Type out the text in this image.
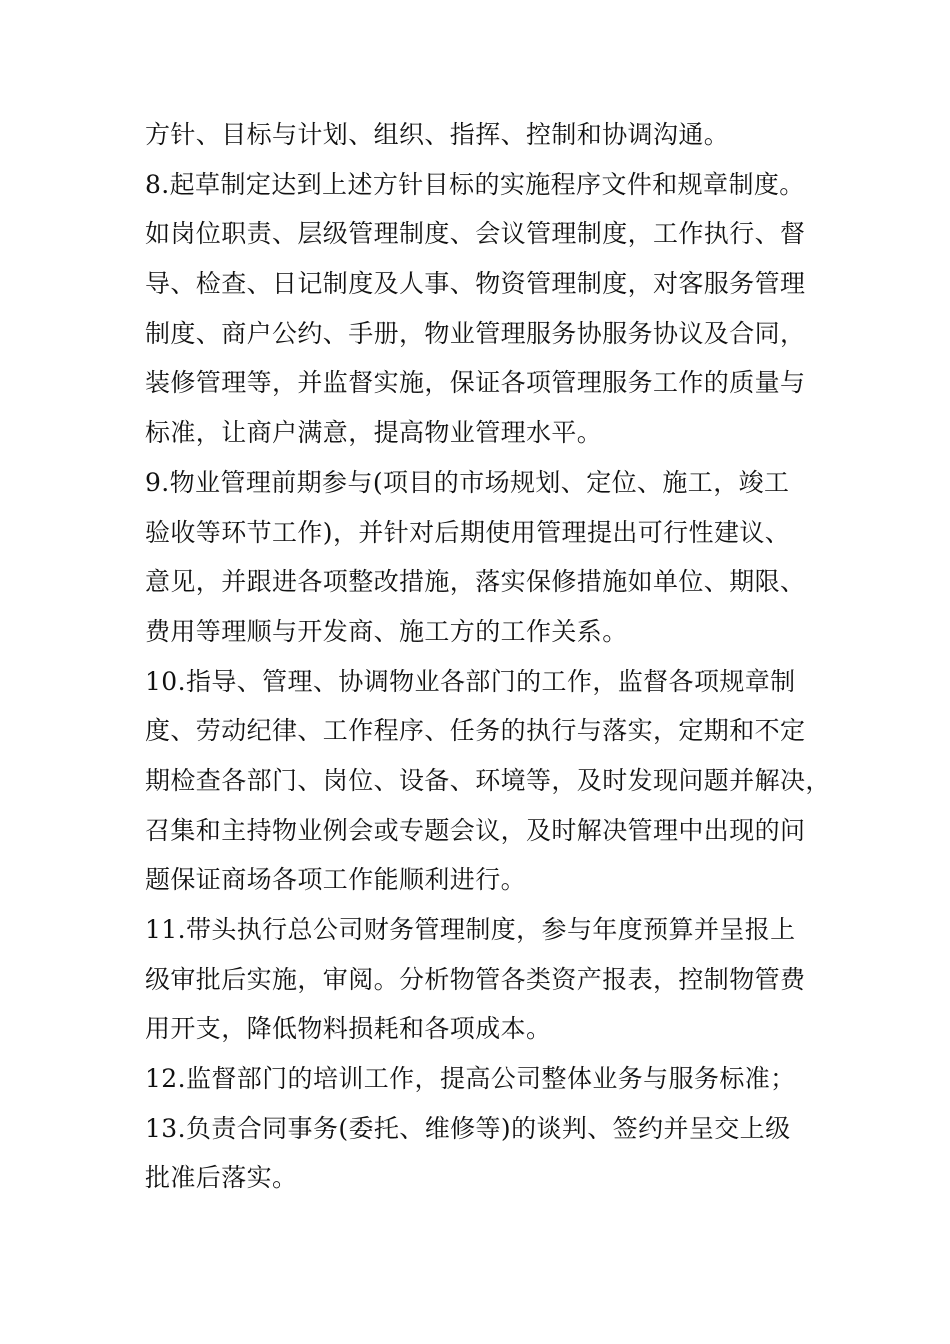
方针、目标与计划、组织、指挥、控制和协调沟通。
8.起草制定达到上述方针目标的实施程序文件和规章制度。
如岗位职责、层级管理制度、会议管理制度，工作执行、督
导、检查、日记制度及人事、物资管理制度，对客服务管理
制度、商户公约、手册，物业管理服务协服务协议及合同，
装修管理等，并监督实施，保证各项管理服务工作的质量与
标准，让商户满意，提高物业管理水平。
9.物业管理前期参与(项目的市场规划、定位、施工，竣工
验收等环节工作)，并针对后期使用管理提出可行性建议、
意见，并跟进各项整改措施，落实保修措施如单位、期限、
费用等理顺与开发商、施工方的工作关系。
10.指导、管理、协调物业各部门的工作，监督各项规章制
度、劳动纪律、工作程序、任务的执行与落实，定期和不定
期检查各部门、岗位、设备、环境等，及时发现问题并解决，
召集和主持物业例会或专题会议，及时解决管理中出现的问
题保证商场各项工作能顺利进行。
11.带头执行总公司财务管理制度，参与年度预算并呈报上
级审批后实施，审阅。分析物管各类资产报表，控制物管费
用开支，降低物料损耗和各项成本。
12.监督部门的培训工作，提高公司整体业务与服务标准；
13.负责合同事务(委托、维修等)的谈判、签约并呈交上级
批准后落实。
